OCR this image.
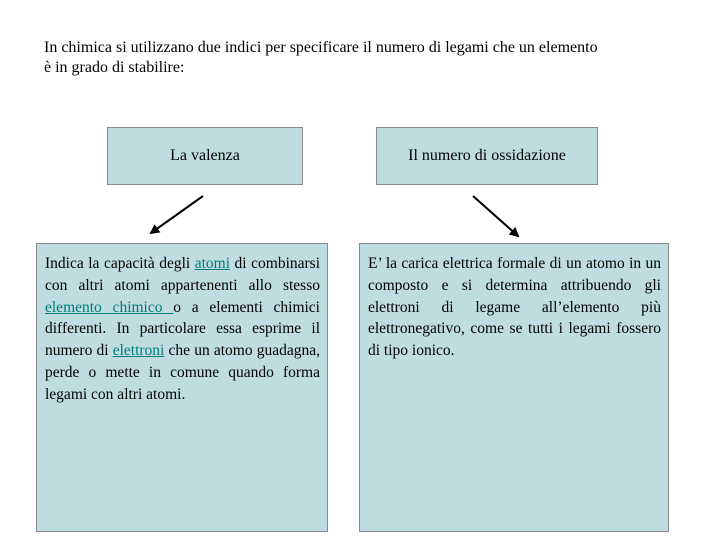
In chimica si utilizzano due indici per specificare il numero di legami che un elemento
è in grado di stabilire:
La valenza	Il numero di ossidazione
Indica la capacità degli atomi di combinarsi con altri atomi appartenenti allo stesso elemento chimico o a elementi chimici differenti. In particolare essa esprime il numero di elettroni che un atomo guadagna, perde o mette in comune quando forma legami con altri atomi.
E’ la carica elettrica formale di un atomo in un composto e si determina attribuendo gli elettroni di legame all’elemento più elettronegativo, come se tutti i legami fossero di tipo ionico.
